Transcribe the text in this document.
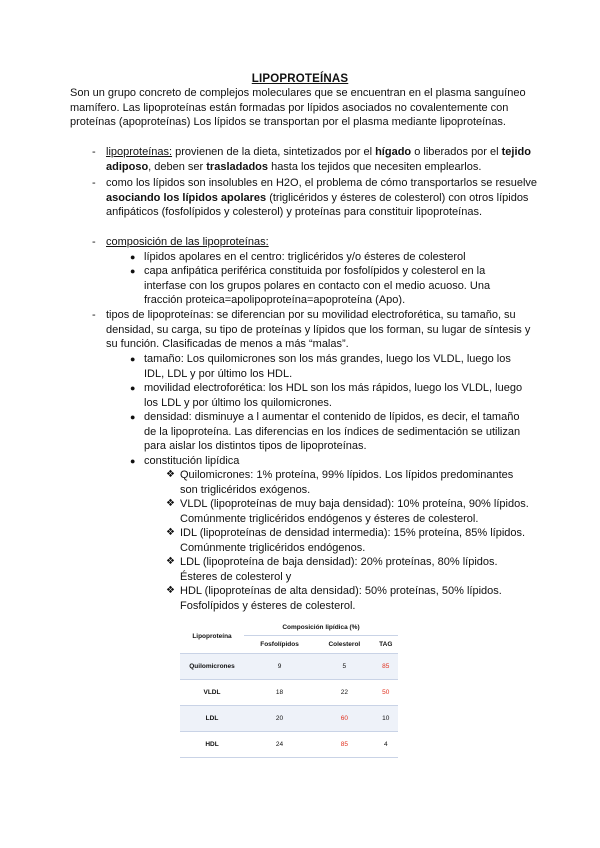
LIPOPROTEÍNAS
Son un grupo concreto de complejos moleculares que se encuentran en el plasma sanguíneo mamífero. Las lipoproteínas están formadas por lípidos asociados no covalentemente con proteínas (apoproteínas) Los lípidos se transportan por el plasma mediante lipoproteínas.
- lipoproteínas: provienen de la dieta, sintetizados por el hígado o liberados por el tejido adiposo, deben ser trasladados hasta los tejidos que necesiten emplearlos.
- como los lípidos son insolubles en H2O, el problema de cómo transportarlos se resuelve asociando los lípidos apolares (triglicéridos y ésteres de colesterol) con otros lípidos anfipáticos (fosfolípidos y colesterol) y proteínas para constituir lipoproteínas.
- composición de las lipoproteínas:
● lípidos apolares en el centro: triglicéridos y/o ésteres de colesterol
● capa anfipática periférica constituida por fosfolípidos y colesterol en la interfase con los grupos polares en contacto con el medio acuoso. Una fracción proteica=apolipoproteína=apoproteína (Apo).
- tipos de lipoproteínas: se diferencian por su movilidad electroforética, su tamaño, su densidad, su carga, su tipo de proteínas y lípidos que los forman, su lugar de síntesis y su función. Clasificadas de menos a más “malas”.
● tamaño: Los quilomicrones son los más grandes, luego los VLDL, luego los IDL, LDL y por último los HDL.
● movilidad electroforética: los HDL son los más rápidos, luego los VLDL, luego los LDL y por último los quilomicrones.
● densidad: disminuye a l aumentar el contenido de lípidos, es decir, el tamaño de la lipoproteína. Las diferencias en los índices de sedimentación se utilizan para aislar los distintos tipos de lipoproteínas.
● constitución lipídica
❖ Quilomicrones: 1% proteína, 99% lípidos. Los lípidos predominantes son triglicéridos exógenos.
❖ VLDL (lipoproteínas de muy baja densidad): 10% proteína, 90% lípidos. Comúnmente triglicéridos endógenos y ésteres de colesterol.
❖ IDL (lipoproteínas de densidad intermedia): 15% proteína, 85% lípidos. Comúnmente triglicéridos endógenos.
❖ LDL (lipoproteína de baja densidad): 20% proteínas, 80% lípidos. Ésteres de colesterol y
❖ HDL (lipoproteínas de alta densidad): 50% proteínas, 50% lípidos. Fosfolípidos y ésteres de colesterol.
Lipoproteína	Composición lipídica (%)		
	Fosfolípidos	Colesterol	TAG
Quilomicrones	9	5	85
VLDL	18	22	50
LDL	20	60	10
HDL	24	85	4
